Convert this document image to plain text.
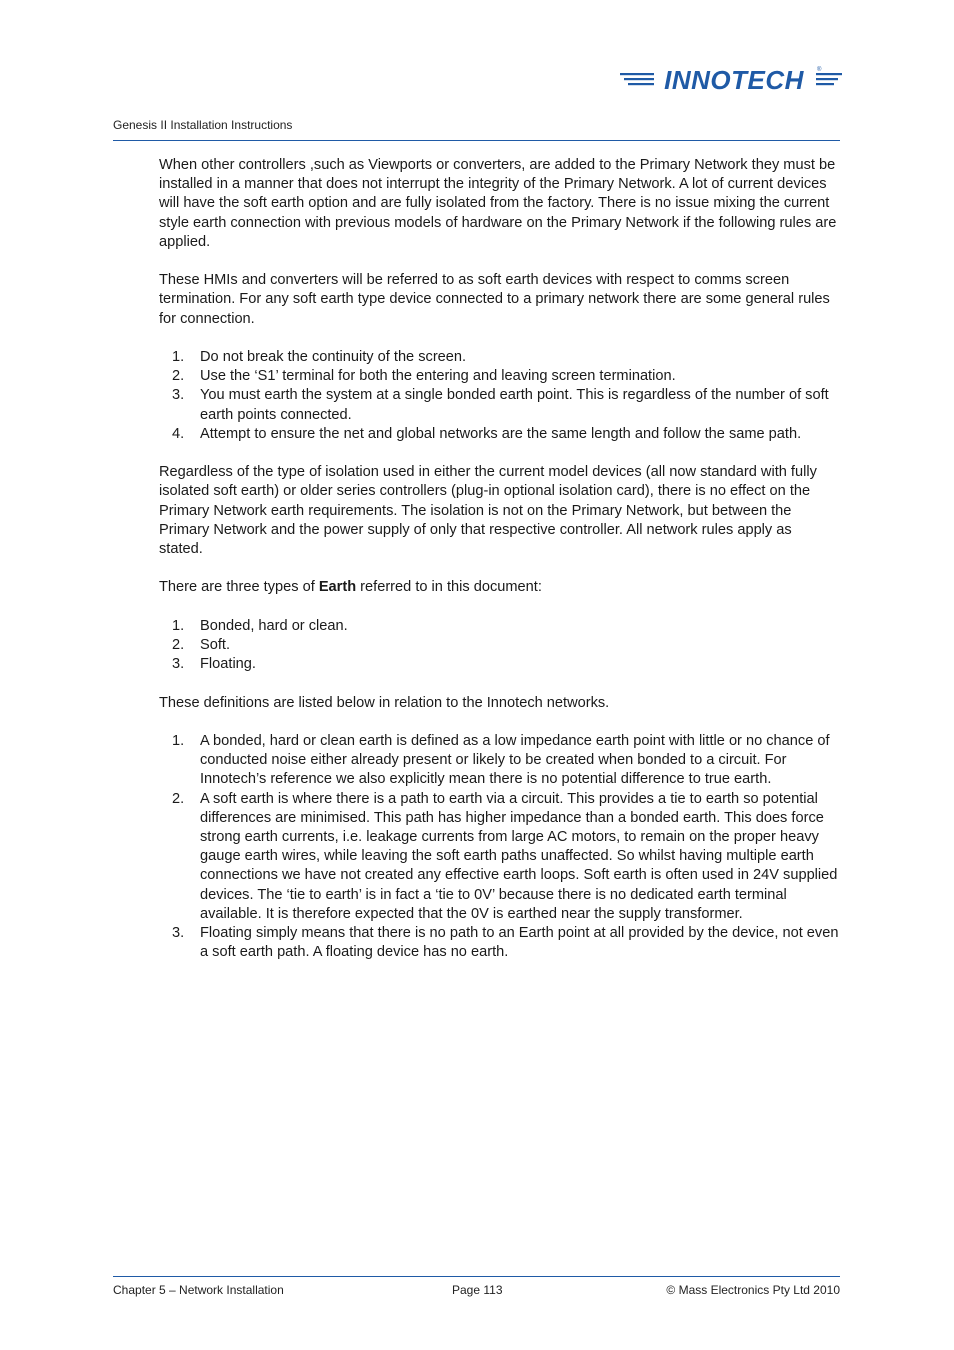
INNOTECH ®
Genesis II Installation Instructions

When other controllers ,such as Viewports or converters, are added to the Primary Network they must be installed in a manner that does not interrupt the integrity of the Primary Network. A lot of current devices will have the soft earth option and are fully isolated from the factory. There is no issue mixing the current style earth connection with previous models of hardware on the Primary Network if the following rules are applied.

These HMIs and converters will be referred to as soft earth devices with respect to comms screen termination. For any soft earth type device connected to a primary network there are some general rules for connection.

1. Do not break the continuity of the screen.
2. Use the ‘S1’ terminal for both the entering and leaving screen termination.
3. You must earth the system at a single bonded earth point. This is regardless of the number of soft earth points connected.
4. Attempt to ensure the net and global networks are the same length and follow the same path.

Regardless of the type of isolation used in either the current model devices (all now standard with fully isolated soft earth) or older series controllers (plug-in optional isolation card), there is no effect on the Primary Network earth requirements. The isolation is not on the Primary Network, but between the Primary Network and the power supply of only that respective controller. All network rules apply as stated.

There are three types of Earth referred to in this document:

1. Bonded, hard or clean.
2. Soft.
3. Floating.

These definitions are listed below in relation to the Innotech networks.

1. A bonded, hard or clean earth is defined as a low impedance earth point with little or no chance of conducted noise either already present or likely to be created when bonded to a circuit. For Innotech’s reference we also explicitly mean there is no potential difference to true earth.
2. A soft earth is where there is a path to earth via a circuit. This provides a tie to earth so potential differences are minimised. This path has higher impedance than a bonded earth. This does force strong earth currents, i.e. leakage currents from large AC motors, to remain on the proper heavy gauge earth wires, while leaving the soft earth paths unaffected. So whilst having multiple earth connections we have not created any effective earth loops. Soft earth is often used in 24V supplied devices. The ‘tie to earth’ is in fact a ‘tie to 0V’ because there is no dedicated earth terminal available. It is therefore expected that the 0V is earthed near the supply transformer.
3. Floating simply means that there is no path to an Earth point at all provided by the device, not even a soft earth path. A floating device has no earth.
Chapter 5 – Network Installation	Page 113	© Mass Electronics Pty Ltd 2010
